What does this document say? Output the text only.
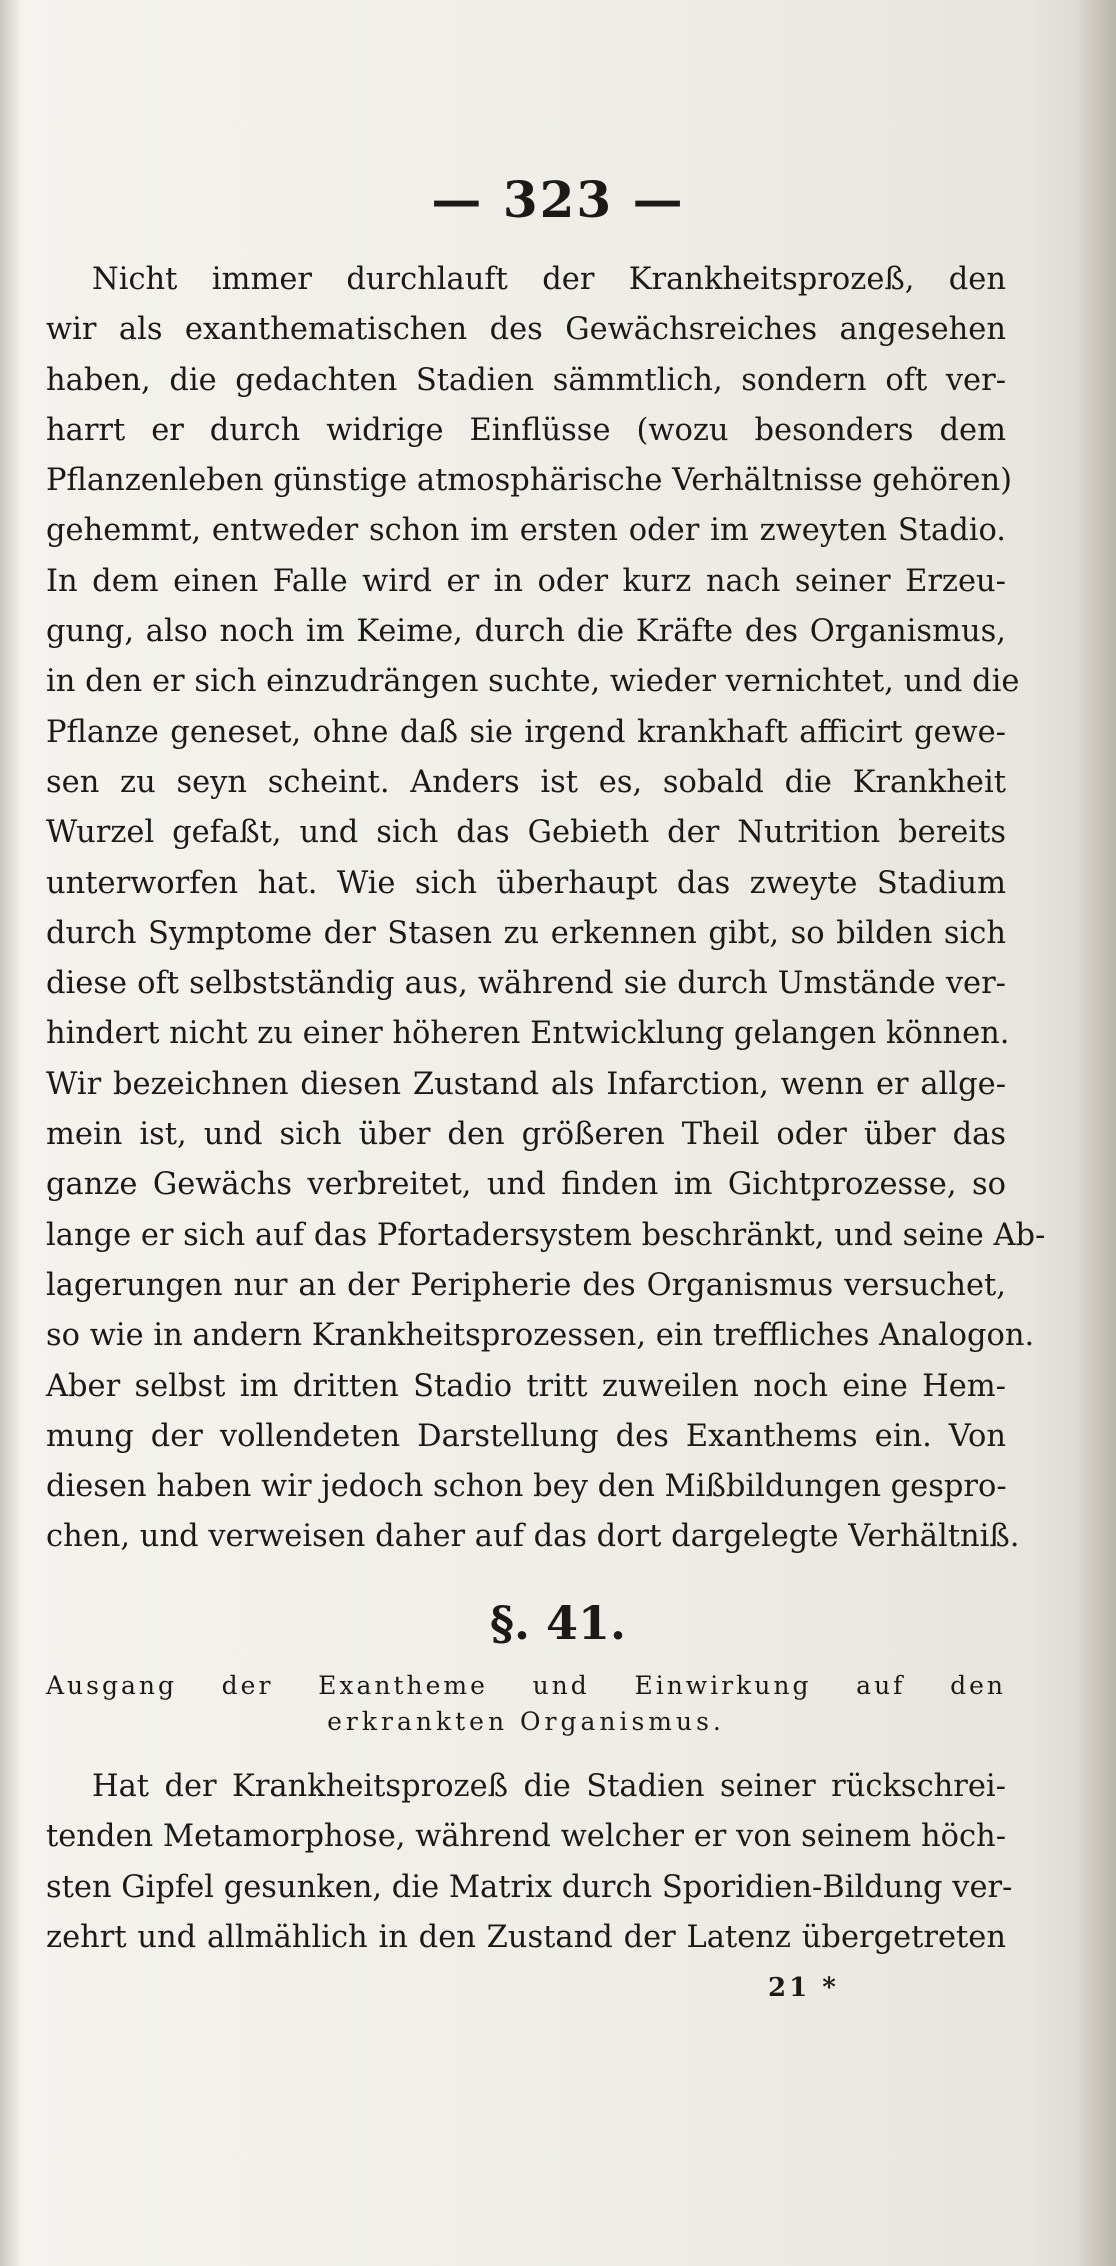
— 323 —
Nicht immer durchlauft der Krankheitsprozeß, den
wir als exanthematischen des Gewächsreiches angesehen
haben, die gedachten Stadien sämmtlich, sondern oft ver-
harrt er durch widrige Einflüsse (wozu besonders dem
Pflanzenleben günstige atmosphärische Verhältnisse gehören)
gehemmt, entweder schon im ersten oder im zweyten Stadio.
In dem einen Falle wird er in oder kurz nach seiner Erzeu-
gung, also noch im Keime, durch die Kräfte des Organismus,
in den er sich einzudrängen suchte, wieder vernichtet, und die
Pflanze geneset, ohne daß sie irgend krankhaft afficirt gewe-
sen zu seyn scheint. Anders ist es, sobald die Krankheit
Wurzel gefaßt, und sich das Gebieth der Nutrition bereits
unterworfen hat. Wie sich überhaupt das zweyte Stadium
durch Symptome der Stasen zu erkennen gibt, so bilden sich
diese oft selbstständig aus, während sie durch Umstände ver-
hindert nicht zu einer höheren Entwicklung gelangen können.
Wir bezeichnen diesen Zustand als Infarction, wenn er allge-
mein ist, und sich über den größeren Theil oder über das
ganze Gewächs verbreitet, und finden im Gichtprozesse, so
lange er sich auf das Pfortadersystem beschränkt, und seine Ab-
lagerungen nur an der Peripherie des Organismus versuchet,
so wie in andern Krankheitsprozessen, ein treffliches Analogon.
Aber selbst im dritten Stadio tritt zuweilen noch eine Hem-
mung der vollendeten Darstellung des Exanthems ein. Von
diesen haben wir jedoch schon bey den Mißbildungen gespro-
chen, und verweisen daher auf das dort dargelegte Verhältniß.
§. 41.
Ausgang der Exantheme und Einwirkung auf den
erkrankten Organismus.
Hat der Krankheitsprozeß die Stadien seiner rückschrei-
tenden Metamorphose, während welcher er von seinem höch-
sten Gipfel gesunken, die Matrix durch Sporidien-Bildung ver-
zehrt und allmählich in den Zustand der Latenz übergetreten
21 *
